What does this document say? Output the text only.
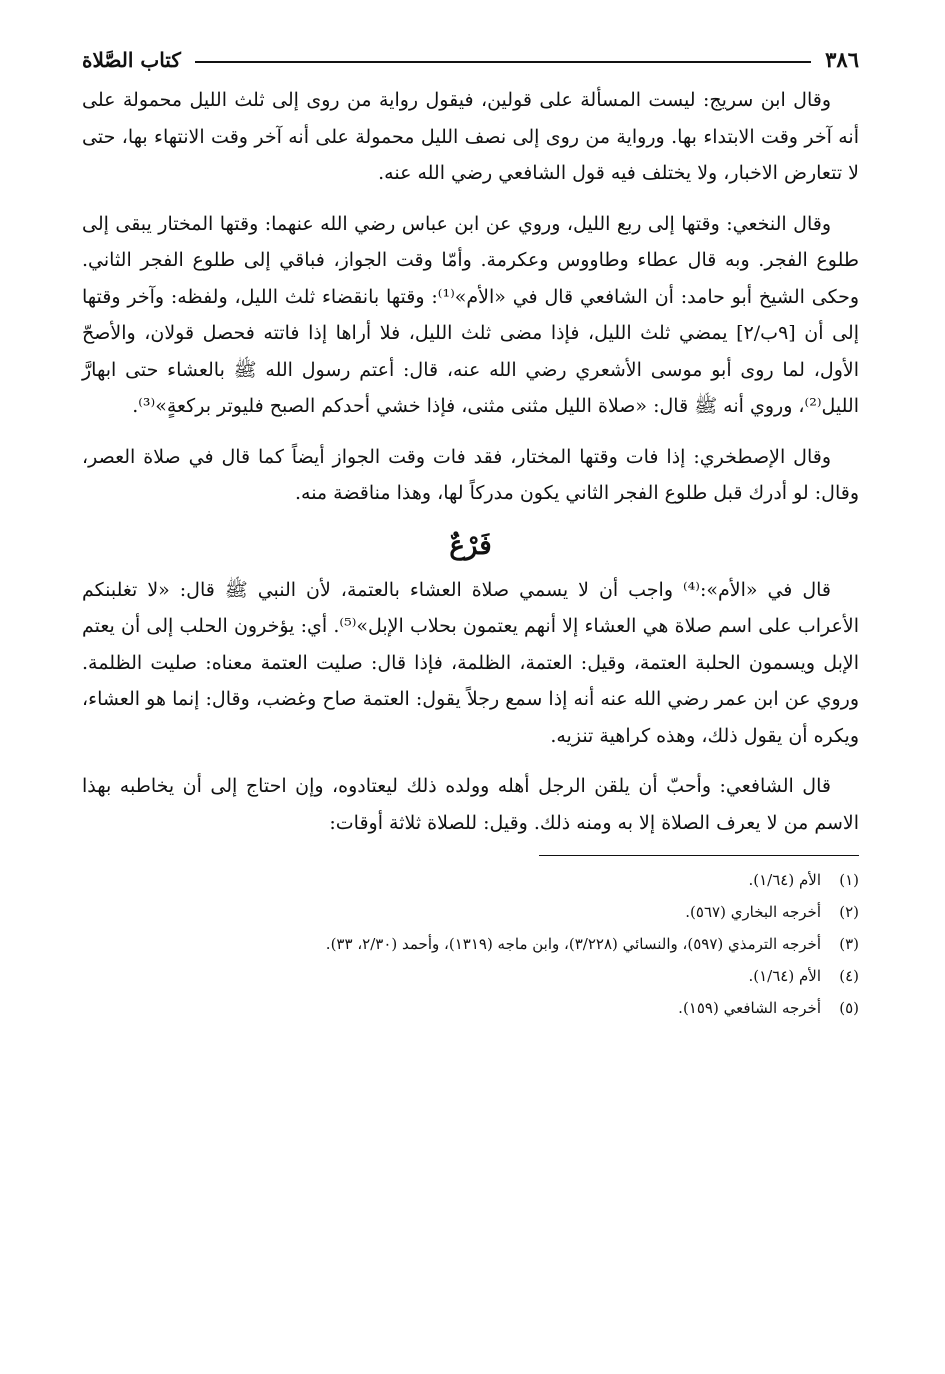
٣٨٦
كتاب الصَّلاة

وقال ابن سريج: ليست المسألة على قولين، فيقول رواية من روى إلى ثلث الليل محمولة على أنه آخر وقت الابتداء بها. ورواية من روى إلى نصف الليل محمولة على أنه آخر وقت الانتهاء بها، حتى لا تتعارض الاخبار، ولا يختلف فيه قول الشافعي رضي الله عنه.

وقال النخعي: وقتها إلى ربع الليل، وروي عن ابن عباس رضي الله عنهما: وقتها المختار يبقى إلى طلوع الفجر. وبه قال عطاء وطاووس وعكرمة. وأمّا وقت الجواز، فباقي إلى طلوع الفجر الثاني. وحكى الشيخ أبو حامد: أن الشافعي قال في «الأم»⁽¹⁾: وقتها بانقضاء ثلث الليل، ولفظه: وآخر وقتها إلى أن [٩ب/٢] يمضي ثلث الليل، فإذا مضى ثلث الليل، فلا أراها إذا فاتته فحصل قولان، والأصحّ الأول، لما روى أبو موسى الأشعري رضي الله عنه، قال: أعتم رسول الله ﷺ بالعشاء حتى ابهارَّ الليل⁽²⁾، وروي أنه ﷺ قال: «صلاة الليل مثنى مثنى، فإذا خشي أحدكم الصبح فليوتر بركعةٍ»⁽³⁾.

وقال الإصطخري: إذا فات وقتها المختار، فقد فات وقت الجواز أيضاً كما قال في صلاة العصر، وقال: لو أدرك قبل طلوع الفجر الثاني يكون مدركاً لها، وهذا مناقضة منه.

فَرْعٌ

قال في «الأم»:⁽⁴⁾ واجب أن لا يسمي صلاة العشاء بالعتمة، لأن النبي ﷺ قال: «لا تغلبنكم الأعراب على اسم صلاة هي العشاء إلا أنهم يعتمون بحلاب الإبل»⁽⁵⁾. أي: يؤخرون الحلب إلى أن يعتم الإبل ويسمون الحلبة العتمة، وقيل: العتمة، الظلمة، فإذا قال: صليت العتمة معناه: صليت الظلمة. وروي عن ابن عمر رضي الله عنه أنه إذا سمع رجلاً يقول: العتمة صاح وغضب، وقال: إنما هو العشاء، ويكره أن يقول ذلك، وهذه كراهية تنزيه.

قال الشافعي: وأحبّ أن يلقن الرجل أهله وولده ذلك ليعتادوه، وإن احتاج إلى أن يخاطبه بهذا الاسم من لا يعرف الصلاة إلا به ومنه ذلك. وقيل: للصلاة ثلاثة أوقات:

(١)
الأم (١/٦٤).
(٢)
أخرجه البخاري (٥٦٧).
(٣)
أخرجه الترمذي (٥٩٧)، والنسائي (٣/٢٢٨)، وابن ماجه (١٣١٩)، وأحمد (٢/٣٠، ٣٣).
(٤)
الأم (١/٦٤).
(٥)
أخرجه الشافعي (١٥٩).
